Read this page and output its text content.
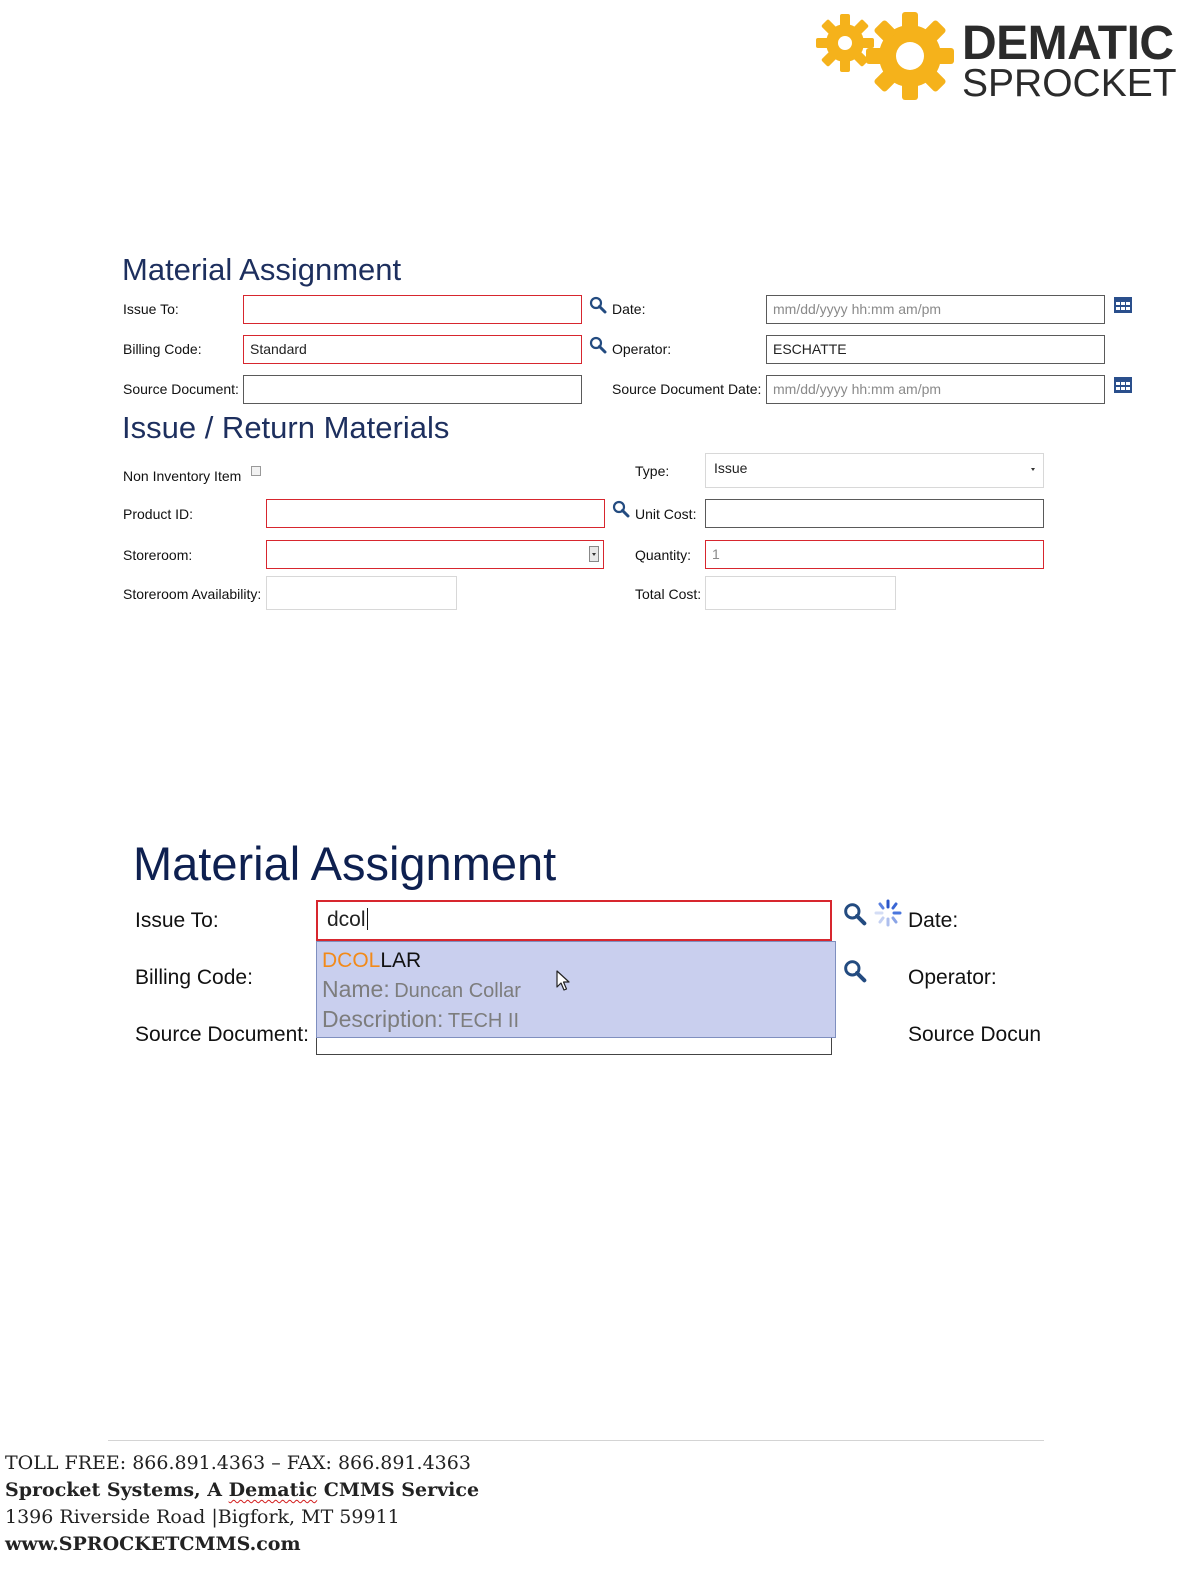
DEMATIC
SPROCKET
Material Assignment
Issue To:	Date:	mm/dd/yyyy hh:mm am/pm
Billing Code:	Standard	Operator:	ESCHATTE
Source Document:	Source Document Date: mm/dd/yyyy hh:mm am/pm
Issue / Return Materials
Non Inventory Item	Type:	Issue
Product ID:	Unit Cost:
Storeroom:	Quantity:	1
Storeroom Availability:	Total Cost:
Material Assignment
Issue To:	dcol	Date:
Billing Code:	Operator:
Source Document:	Source Docun
DCOLLAR
Name: Duncan Collar
Description: TECH II
TOLL FREE: 866.891.4363 – FAX: 866.891.4363
Sprocket Systems, A Dematic CMMS Service
1396 Riverside Road |Bigfork, MT 59911
www.SPROCKETCMMS.com
